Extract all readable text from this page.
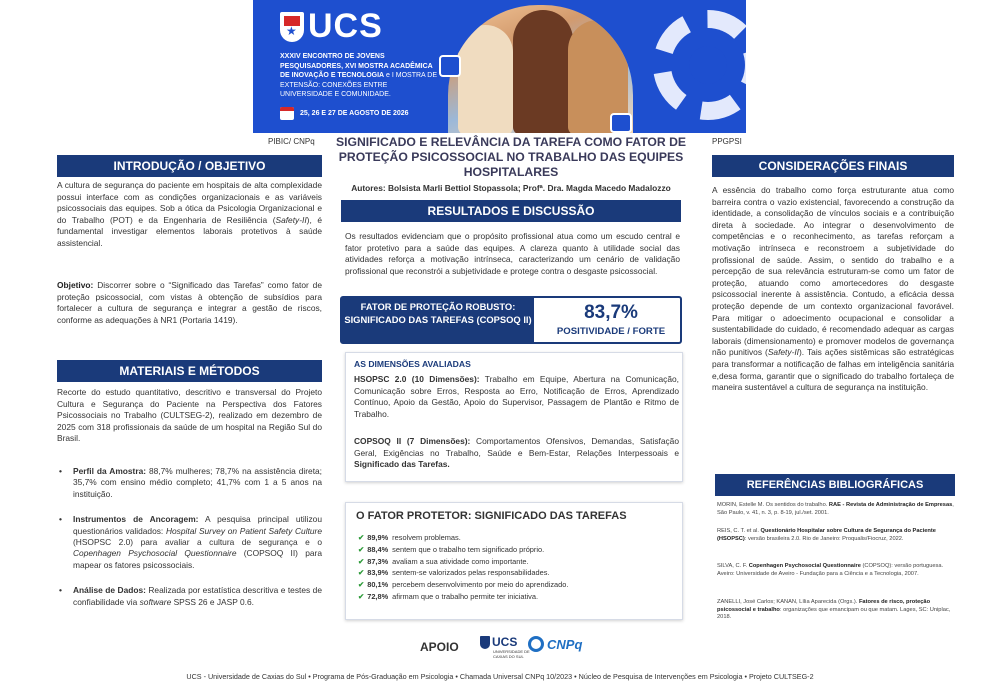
★
UCS
XXXIV ENCONTRO DE JOVENS PESQUISADORES, XVI MOSTRA ACADÊMICA DE INOVAÇÃO E TECNOLOGIA e I MOSTRA DE EXTENSÃO: CONEXÕES ENTRE UNIVERSIDADE E COMUNIDADE.
25, 26 E 27 DE AGOSTO DE 2026
PIBIC/ CNPq	PPGPSI
SIGNIFICADO E RELEVÂNCIA DA TAREFA COMO FATOR DE PROTEÇÃO PSICOSSOCIAL NO TRABALHO DAS EQUIPES HOSPITALARES
Autores: Bolsista Marli Bettiol Stopassola; Profª. Dra. Magda Macedo Madalozzo
INTRODUÇÃO / OBJETIVO
A cultura de segurança do paciente em hospitais de alta complexidade possui interface com as condições organizacionais e as variáveis psicossociais das equipes. Sob a ótica da Psicologia Organizacional e do Trabalho (POT) e da Engenharia de Resiliência (Safety-II), é fundamental investigar elementos laborais protetivos à saúde assistencial.
Objetivo: Discorrer sobre o “Significado das Tarefas” como fator de proteção psicossocial, com vistas à obtenção de subsídios para fortalecer a cultura de segurança e integrar a gestão de riscos, conforme as adequações à NR1 (Portaria 1419).
MATERIAIS E MÉTODOS
Recorte do estudo quantitativo, descritivo e transversal do Projeto Cultura e Segurança do Paciente na Perspectiva dos Fatores Psicossociais no Trabalho (CULTSEG-2), realizado em dezembro de 2025 com 318 profissionais da saúde de um hospital na Região Sul do Brasil.
• Perfil da Amostra: 88,7% mulheres; 78,7% na assistência direta; 35,7% com ensino médio completo; 41,7% com 1 a 5 anos na instituição.
• Instrumentos de Ancoragem: A pesquisa principal utilizou questionários validados: Hospital Survey on Patient Safety Culture (HSOPSC 2.0) para avaliar a cultura de segurança e o Copenhagen Psychosocial Questionnaire (COPSOQ II) para mapear os fatores psicossociais.
• Análise de Dados: Realizada por estatística descritiva e testes de confiabilidade via software SPSS 26 e JASP 0.6.
RESULTADOS E DISCUSSÃO
Os resultados evidenciam que o propósito profissional atua como um escudo central e fator protetivo para a saúde das equipes. A clareza quanto à utilidade social das atividades reforça a motivação intrínseca, caracterizando um cenário de validação profissional que reconstrói a subjetividade e protege contra o desgaste psicossocial.
FATOR DE PROTEÇÃO ROBUSTO: SIGNIFICADO DAS TAREFAS (COPSOQ II)	83,7%
POSITIVIDADE / FORTE
AS DIMENSÕES AVALIADAS
HSOPSC 2.0 (10 Dimensões): Trabalho em Equipe, Abertura na Comunicação, Comunicação sobre Erros, Resposta ao Erro, Notificação de Erros, Aprendizado Contínuo, Apoio da Gestão, Apoio do Supervisor, Passagem de Plantão e Ritmo de Trabalho.
COPSOQ II (7 Dimensões): Comportamentos Ofensivos, Demandas, Satisfação Geral, Exigências no Trabalho, Saúde e Bem-Estar, Relações Interpessoais e Significado das Tarefas.
O FATOR PROTETOR: SIGNIFICADO DAS TAREFAS
✔ 89,9% resolvem problemas.
✔ 88,4% sentem que o trabalho tem significado próprio.
✔ 87,3% avaliam a sua atividade como importante.
✔ 83,9% sentem-se valorizados pelas responsabilidades.
✔ 80,1% percebem desenvolvimento por meio do aprendizado.
✔ 72,8% afirmam que o trabalho permite ter iniciativa.
APOIO	UCS
UNIVERSIDADE DE CAXIAS DO SUL
CNPq
CONSIDERAÇÕES FINAIS
A essência do trabalho como força estruturante atua como barreira contra o vazio existencial, favorecendo a construção da identidade, a consolidação de vínculos sociais e a contribuição direta à sociedade. Ao integrar o desenvolvimento de competências e o reconhecimento, as tarefas reforçam a motivação intrínseca e reconstroem a subjetividade do profissional de saúde. Assim, o sentido do trabalho e a percepção de sua relevância estruturam-se como um fator de proteção, atuando como amortecedores do desgaste psicossocial inerente à assistência. Contudo, a eficácia dessa proteção depende de um contexto organizacional favorável. Para mitigar o adoecimento ocupacional e consolidar a sustentabilidade do cuidado, é recomendado adequar as cargas laborais (dimensionamento) e promover modelos de governança não punitivos (Safety-II). Tais ações sistêmicas são estratégicas para transformar a notificação de falhas em inteligência sanitária e,desa forma, garantir que o significado do trabalho fortaleça de maneira sustentável a cultura de segurança na instituição.
REFERÊNCIAS BIBLIOGRÁFICAS
MORIN, Estelle M. Os sentidos do trabalho. RAE - Revista de Administração de Empresas, São Paulo, v. 41, n. 3, p. 8-19, jul./set. 2001.
REIS, C. T. et al. Questionário Hospitalar sobre Cultura de Segurança do Paciente (HSOPSC): versão brasileira 2.0. Rio de Janeiro: Proqualis/Fiocruz, 2022.
SILVA, C. F. Copenhagen Psychosocial Questionnaire (COPSOQ): versão portuguesa. Aveiro: Universidade de Aveiro - Fundação para a Ciência e a Tecnologia, 2007.
ZANELLI, José Carlos; KANAN, Lília Aparecida (Orgs.). Fatores de risco, proteção psicossocial e trabalho: organizações que emancipam ou que matam. Lages, SC: Uniplac, 2018.
UCS - Universidade de Caxias do Sul • Programa de Pós-Graduação em Psicologia • Chamada Universal CNPq 10/2023 • Núcleo de Pesquisa de Intervenções em Psicologia • Projeto CULTSEG-2
